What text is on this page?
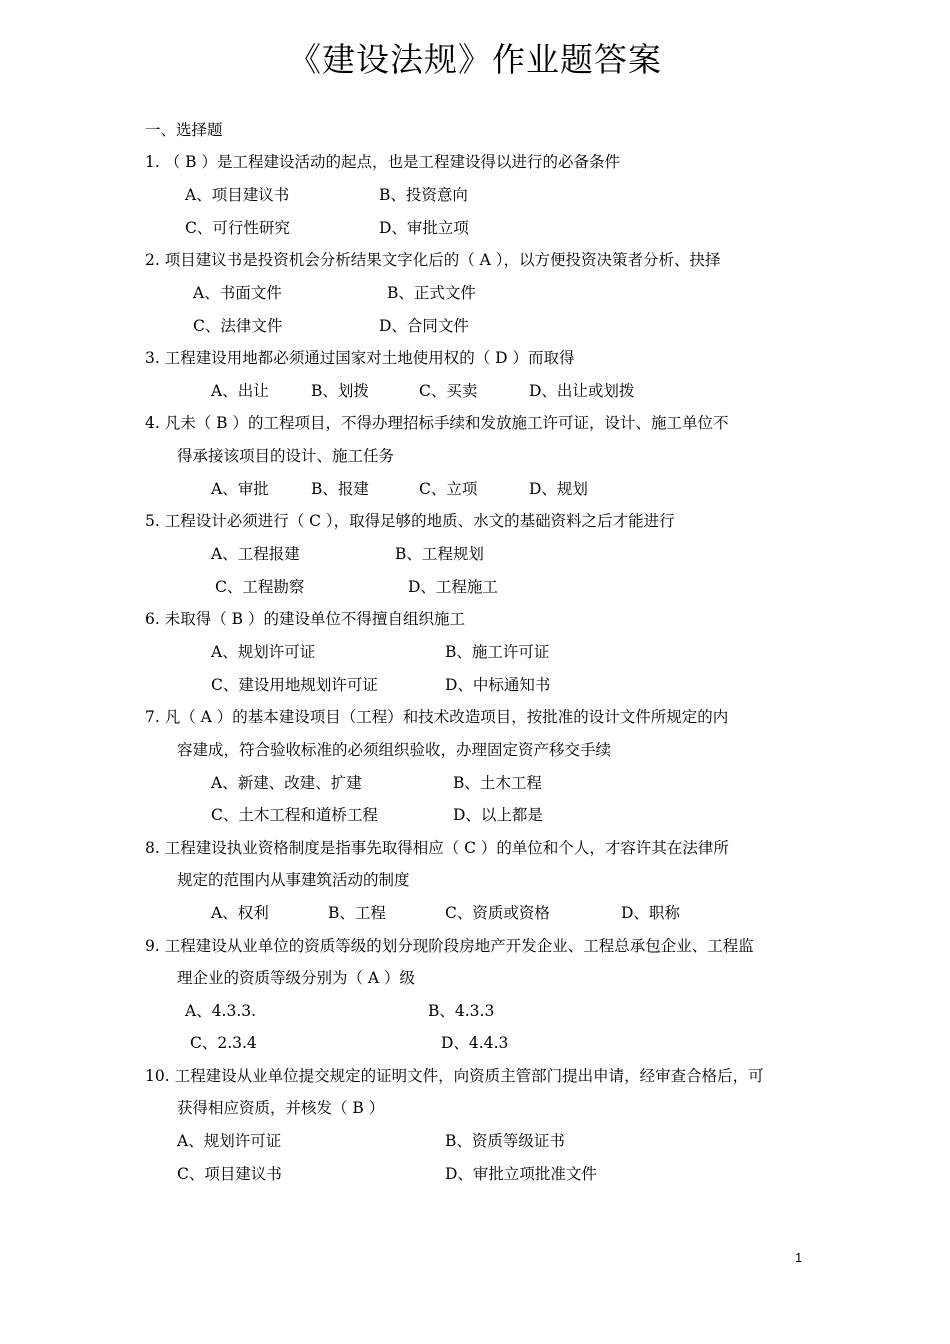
《建设法规》作业题答案
一、选择题
1. （ B ）是工程建设活动的起点，也是工程建设得以进行的必备条件
A、项目建议书	B、投资意向
C、可行性研究	D、审批立项
2. 项目建议书是投资机会分析结果文字化后的（ A ），以方便投资决策者分析、抉择
A、书面文件	B、正式文件
C、法律文件	D、合同文件
3. 工程建设用地都必须通过国家对土地使用权的（ D ）而取得
A、出让	B、划拨	C、买卖	D、出让或划拨
4. 凡未（ B ）的工程项目，不得办理招标手续和发放施工许可证，设计、施工单位不
得承接该项目的设计、施工任务
A、审批	B、报建	C、立项	D、规划
5. 工程设计必须进行（ C ），取得足够的地质、水文的基础资料之后才能进行
A、工程报建	B、工程规划
C、工程勘察	D、工程施工
6. 未取得（ B ）的建设单位不得擅自组织施工
A、规划许可证	B、施工许可证
C、建设用地规划许可证	D、中标通知书
7. 凡（ A ）的基本建设项目（工程）和技术改造项目，按批准的设计文件所规定的内
容建成，符合验收标准的必须组织验收，办理固定资产移交手续
A、新建、改建、扩建	B、土木工程
C、土木工程和道桥工程	D、以上都是
8. 工程建设执业资格制度是指事先取得相应（ C ）的单位和个人，才容许其在法律所
规定的范围内从事建筑活动的制度
A、权利	B、工程	C、资质或资格	D、职称
9. 工程建设从业单位的资质等级的划分现阶段房地产开发企业、工程总承包企业、工程监
理企业的资质等级分别为（ A ）级
A、4.3.3.	B、4.3.3
C、2.3.4	D、4.4.3
10. 工程建设从业单位提交规定的证明文件，向资质主管部门提出申请，经审查合格后，可
获得相应资质，并核发（ B ）
A、规划许可证	B、资质等级证书
C、项目建议书	D、审批立项批准文件
1
